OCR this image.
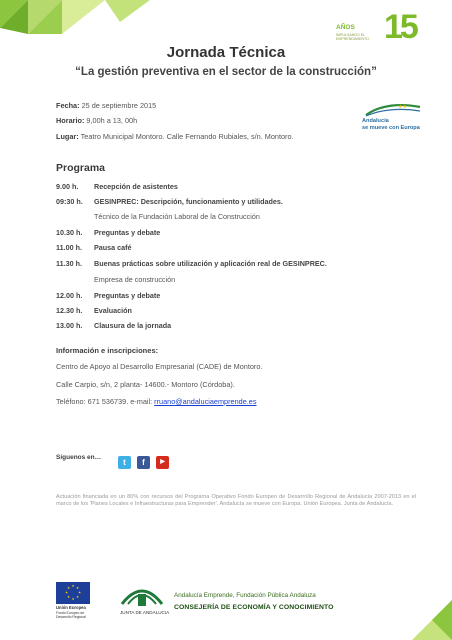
AÑOS
IMPULSANDO EL EMPRENDIMIENTO 15
Jornada Técnica
“La gestión preventiva en el sector de la construcción”
Fecha: 25 de septiembre 2015
Horario: 9,00h a 13, 00h
Lugar: Teatro Municipal Montoro. Calle Fernando Rubiales, s/n. Montoro.
★★
Andalucía
se mueve con Europa
Programa
9.00 h. Recepción de asistentes
09:30 h. GESINPREC: Descripción, funcionamiento y utilidades.
Técnico de la Fundación Laboral de la Construcción
10.30 h. Preguntas y debate
11.00 h. Pausa café
11.30 h. Buenas prácticas sobre utilización y aplicación real de GESINPREC.
Empresa de construcción
12.00 h. Preguntas y debate
12.30 h. Evaluación
13.00 h. Clausura de la jornada
Información e inscripciones:
Centro de Apoyo al Desarrollo Empresarial (CADE) de Montoro.
Calle Carpio, s/n, 2 planta- 14600.- Montoro (Córdoba).
Teléfono: 671 536739. e-mail: rruano@andaluciaemprende.es
Síguenos en…
t	f	▶
Actuación financiada en un 80% con recursos del Programa Operativo Fondo Europeo de Desarrollo Regional de Andalucía 2007-2013 en el marco de los 'Planes Locales e Infraestructuras para Emprender'. Andalucía se mueve con Europa. Unión Europea. Junta de Andalucía.
★ ★
★
★
★
★
★
★
Unión Europea
Fondo Europeo de Desarrollo Regional
JUNTA DE ANDALUCIA
Andalucía Emprende, Fundación Pública Andaluza
CONSEJERÍA DE ECONOMÍA Y CONOCIMIENTO
